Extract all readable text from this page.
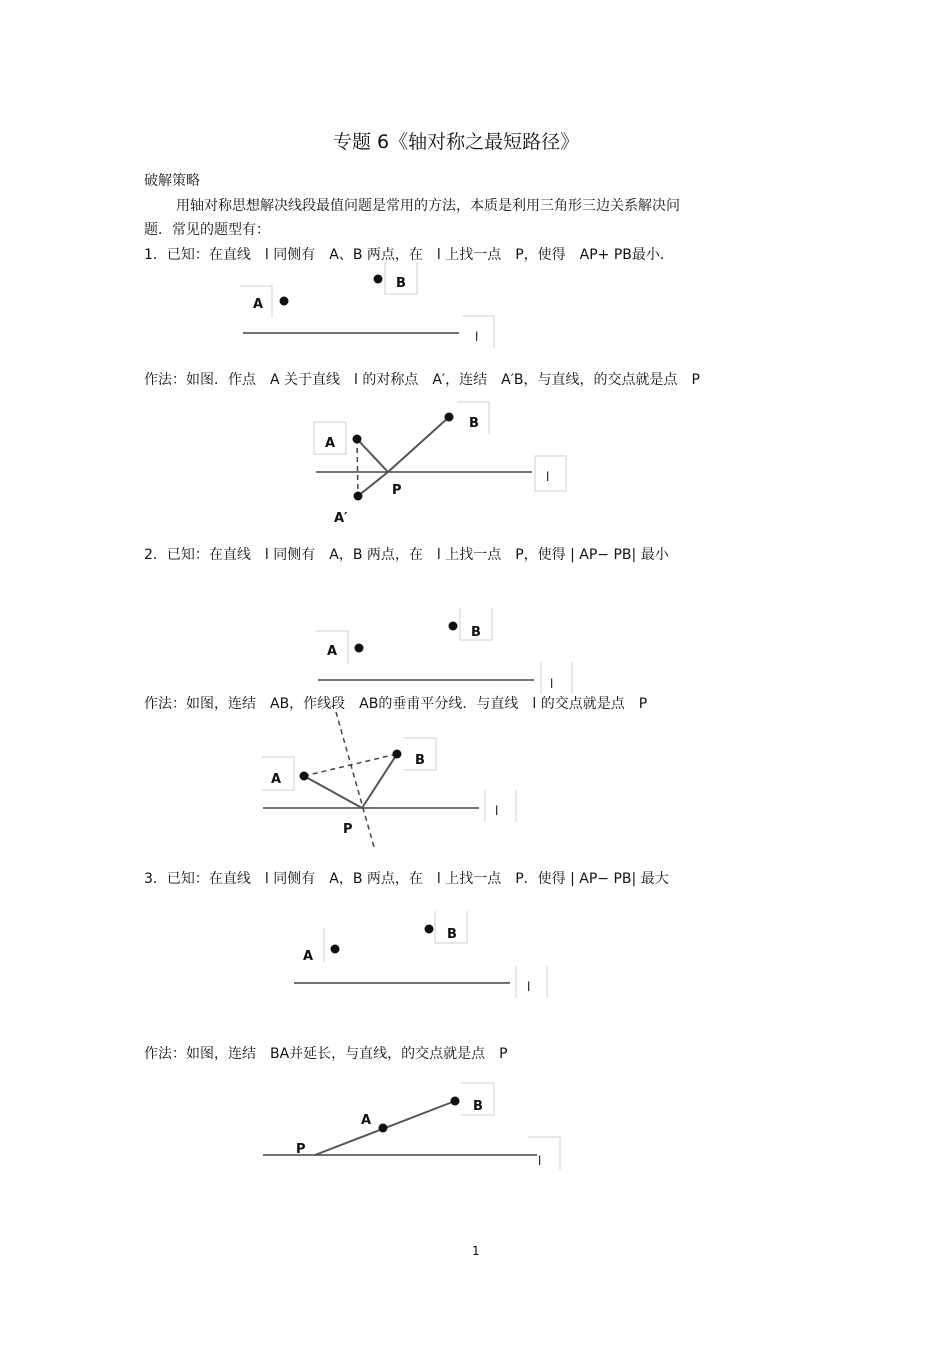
专题 6《轴对称之最短路径》
破解策略
用轴对称思想解决线段最值问题是常用的方法，本质是利用三角形三边关系解决问
题．常见的题型有：
1．已知：在直线　l 同侧有　A、B 两点，在　l 上找一点　P，使得　AP+ PB最小．
作法：如图．作点　A 关于直线　l 的对称点　A′，连结　A′B，与直线，的交点就是点　P
2．已知：在直线　l 同侧有　A，B 两点，在　l 上找一点　P，使得 | AP− PB| 最小
作法：如图，连结　AB，作线段　AB的垂甫平分线．与直线　l 的交点就是点　P
3．已知：在直线　l 同侧有　A，B 两点，在　l 上找一点　P．使得 | AP− PB| 最大
作法：如图，连结　BA并延长，与直线，的交点就是点　P
1
A
B
l
A
B
l
P
A′
B
A
l
A
B
l
P
B
A
l
B
l
A
P
